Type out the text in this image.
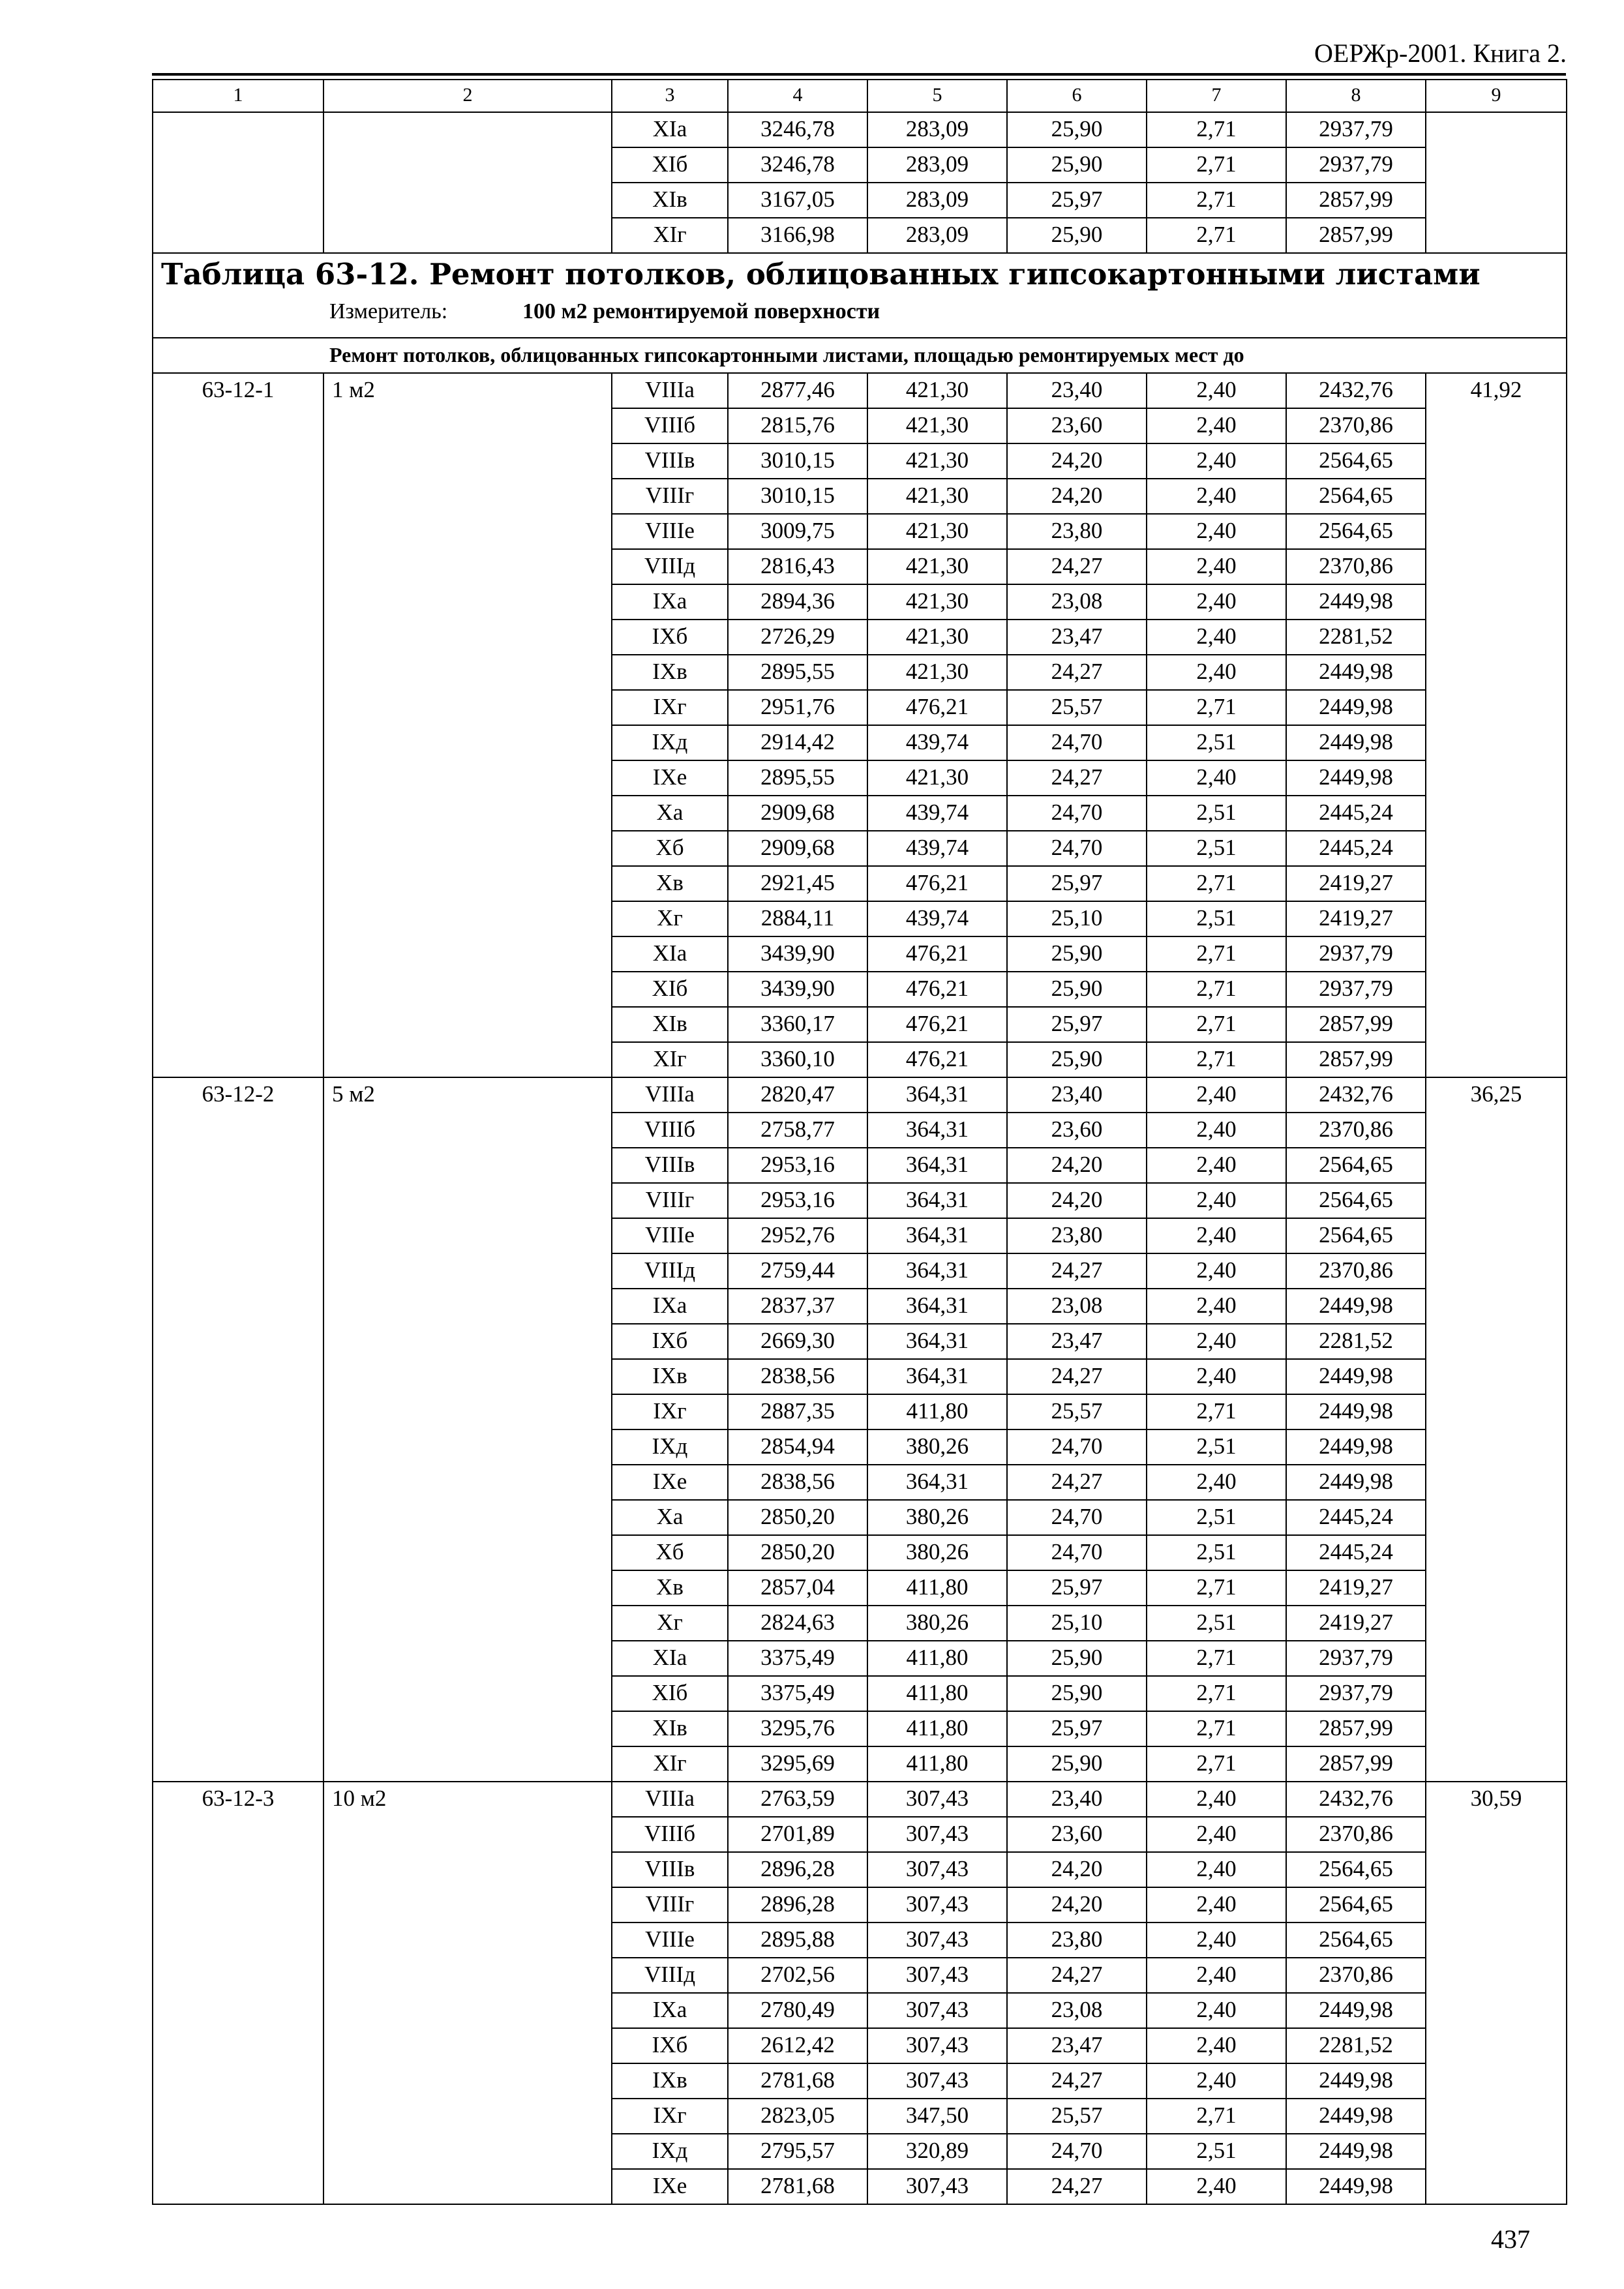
ОЕРЖр-2001. Книга 2.
1	2	3	4	5	6	7	8	9
		XIа	3246,78	283,09	25,90	2,71	2937,79	
		XIб	3246,78	283,09	25,90	2,71	2937,79	
		XIв	3167,05	283,09	25,97	2,71	2857,99	
		XIг	3166,98	283,09	25,90	2,71	2857,99	

Таблица 63-12. Ремонт потолков, облицованных гипсокартонными листами
Измеритель: 100 м2 ремонтируемой поверхности								

Ремонт потолков, облицованных гипсокартонными листами, площадью ремонтируемых мест до								
63-12-1	1 м2	VIIIа	2877,46	421,30	23,40	2,40	2432,76	41,92
		VIIIб	2815,76	421,30	23,60	2,40	2370,86	
		VIIIв	3010,15	421,30	24,20	2,40	2564,65	
		VIIIг	3010,15	421,30	24,20	2,40	2564,65	
		VIIIе	3009,75	421,30	23,80	2,40	2564,65	
		VIIIд	2816,43	421,30	24,27	2,40	2370,86	
		IXа	2894,36	421,30	23,08	2,40	2449,98	
		IXб	2726,29	421,30	23,47	2,40	2281,52	
		IXв	2895,55	421,30	24,27	2,40	2449,98	
		IXг	2951,76	476,21	25,57	2,71	2449,98	
		IXд	2914,42	439,74	24,70	2,51	2449,98	
		IXе	2895,55	421,30	24,27	2,40	2449,98	
		Xа	2909,68	439,74	24,70	2,51	2445,24	
		Xб	2909,68	439,74	24,70	2,51	2445,24	
		Xв	2921,45	476,21	25,97	2,71	2419,27	
		Xг	2884,11	439,74	25,10	2,51	2419,27	
		XIа	3439,90	476,21	25,90	2,71	2937,79	
		XIб	3439,90	476,21	25,90	2,71	2937,79	
		XIв	3360,17	476,21	25,97	2,71	2857,99	
		XIг	3360,10	476,21	25,90	2,71	2857,99	
63-12-2	5 м2	VIIIа	2820,47	364,31	23,40	2,40	2432,76	36,25
		VIIIб	2758,77	364,31	23,60	2,40	2370,86	
		VIIIв	2953,16	364,31	24,20	2,40	2564,65	
		VIIIг	2953,16	364,31	24,20	2,40	2564,65	
		VIIIе	2952,76	364,31	23,80	2,40	2564,65	
		VIIIд	2759,44	364,31	24,27	2,40	2370,86	
		IXа	2837,37	364,31	23,08	2,40	2449,98	
		IXб	2669,30	364,31	23,47	2,40	2281,52	
		IXв	2838,56	364,31	24,27	2,40	2449,98	
		IXг	2887,35	411,80	25,57	2,71	2449,98	
		IXд	2854,94	380,26	24,70	2,51	2449,98	
		IXе	2838,56	364,31	24,27	2,40	2449,98	
		Xа	2850,20	380,26	24,70	2,51	2445,24	
		Xб	2850,20	380,26	24,70	2,51	2445,24	
		Xв	2857,04	411,80	25,97	2,71	2419,27	
		Xг	2824,63	380,26	25,10	2,51	2419,27	
		XIа	3375,49	411,80	25,90	2,71	2937,79	
		XIб	3375,49	411,80	25,90	2,71	2937,79	
		XIв	3295,76	411,80	25,97	2,71	2857,99	
		XIг	3295,69	411,80	25,90	2,71	2857,99	
63-12-3	10 м2	VIIIа	2763,59	307,43	23,40	2,40	2432,76	30,59
		VIIIб	2701,89	307,43	23,60	2,40	2370,86	
		VIIIв	2896,28	307,43	24,20	2,40	2564,65	
		VIIIг	2896,28	307,43	24,20	2,40	2564,65	
		VIIIе	2895,88	307,43	23,80	2,40	2564,65	
		VIIIд	2702,56	307,43	24,27	2,40	2370,86	
		IXа	2780,49	307,43	23,08	2,40	2449,98	
		IXб	2612,42	307,43	23,47	2,40	2281,52	
		IXв	2781,68	307,43	24,27	2,40	2449,98	
		IXг	2823,05	347,50	25,57	2,71	2449,98	
		IXд	2795,57	320,89	24,70	2,51	2449,98	
		IXе	2781,68	307,43	24,27	2,40	2449,98	
437
